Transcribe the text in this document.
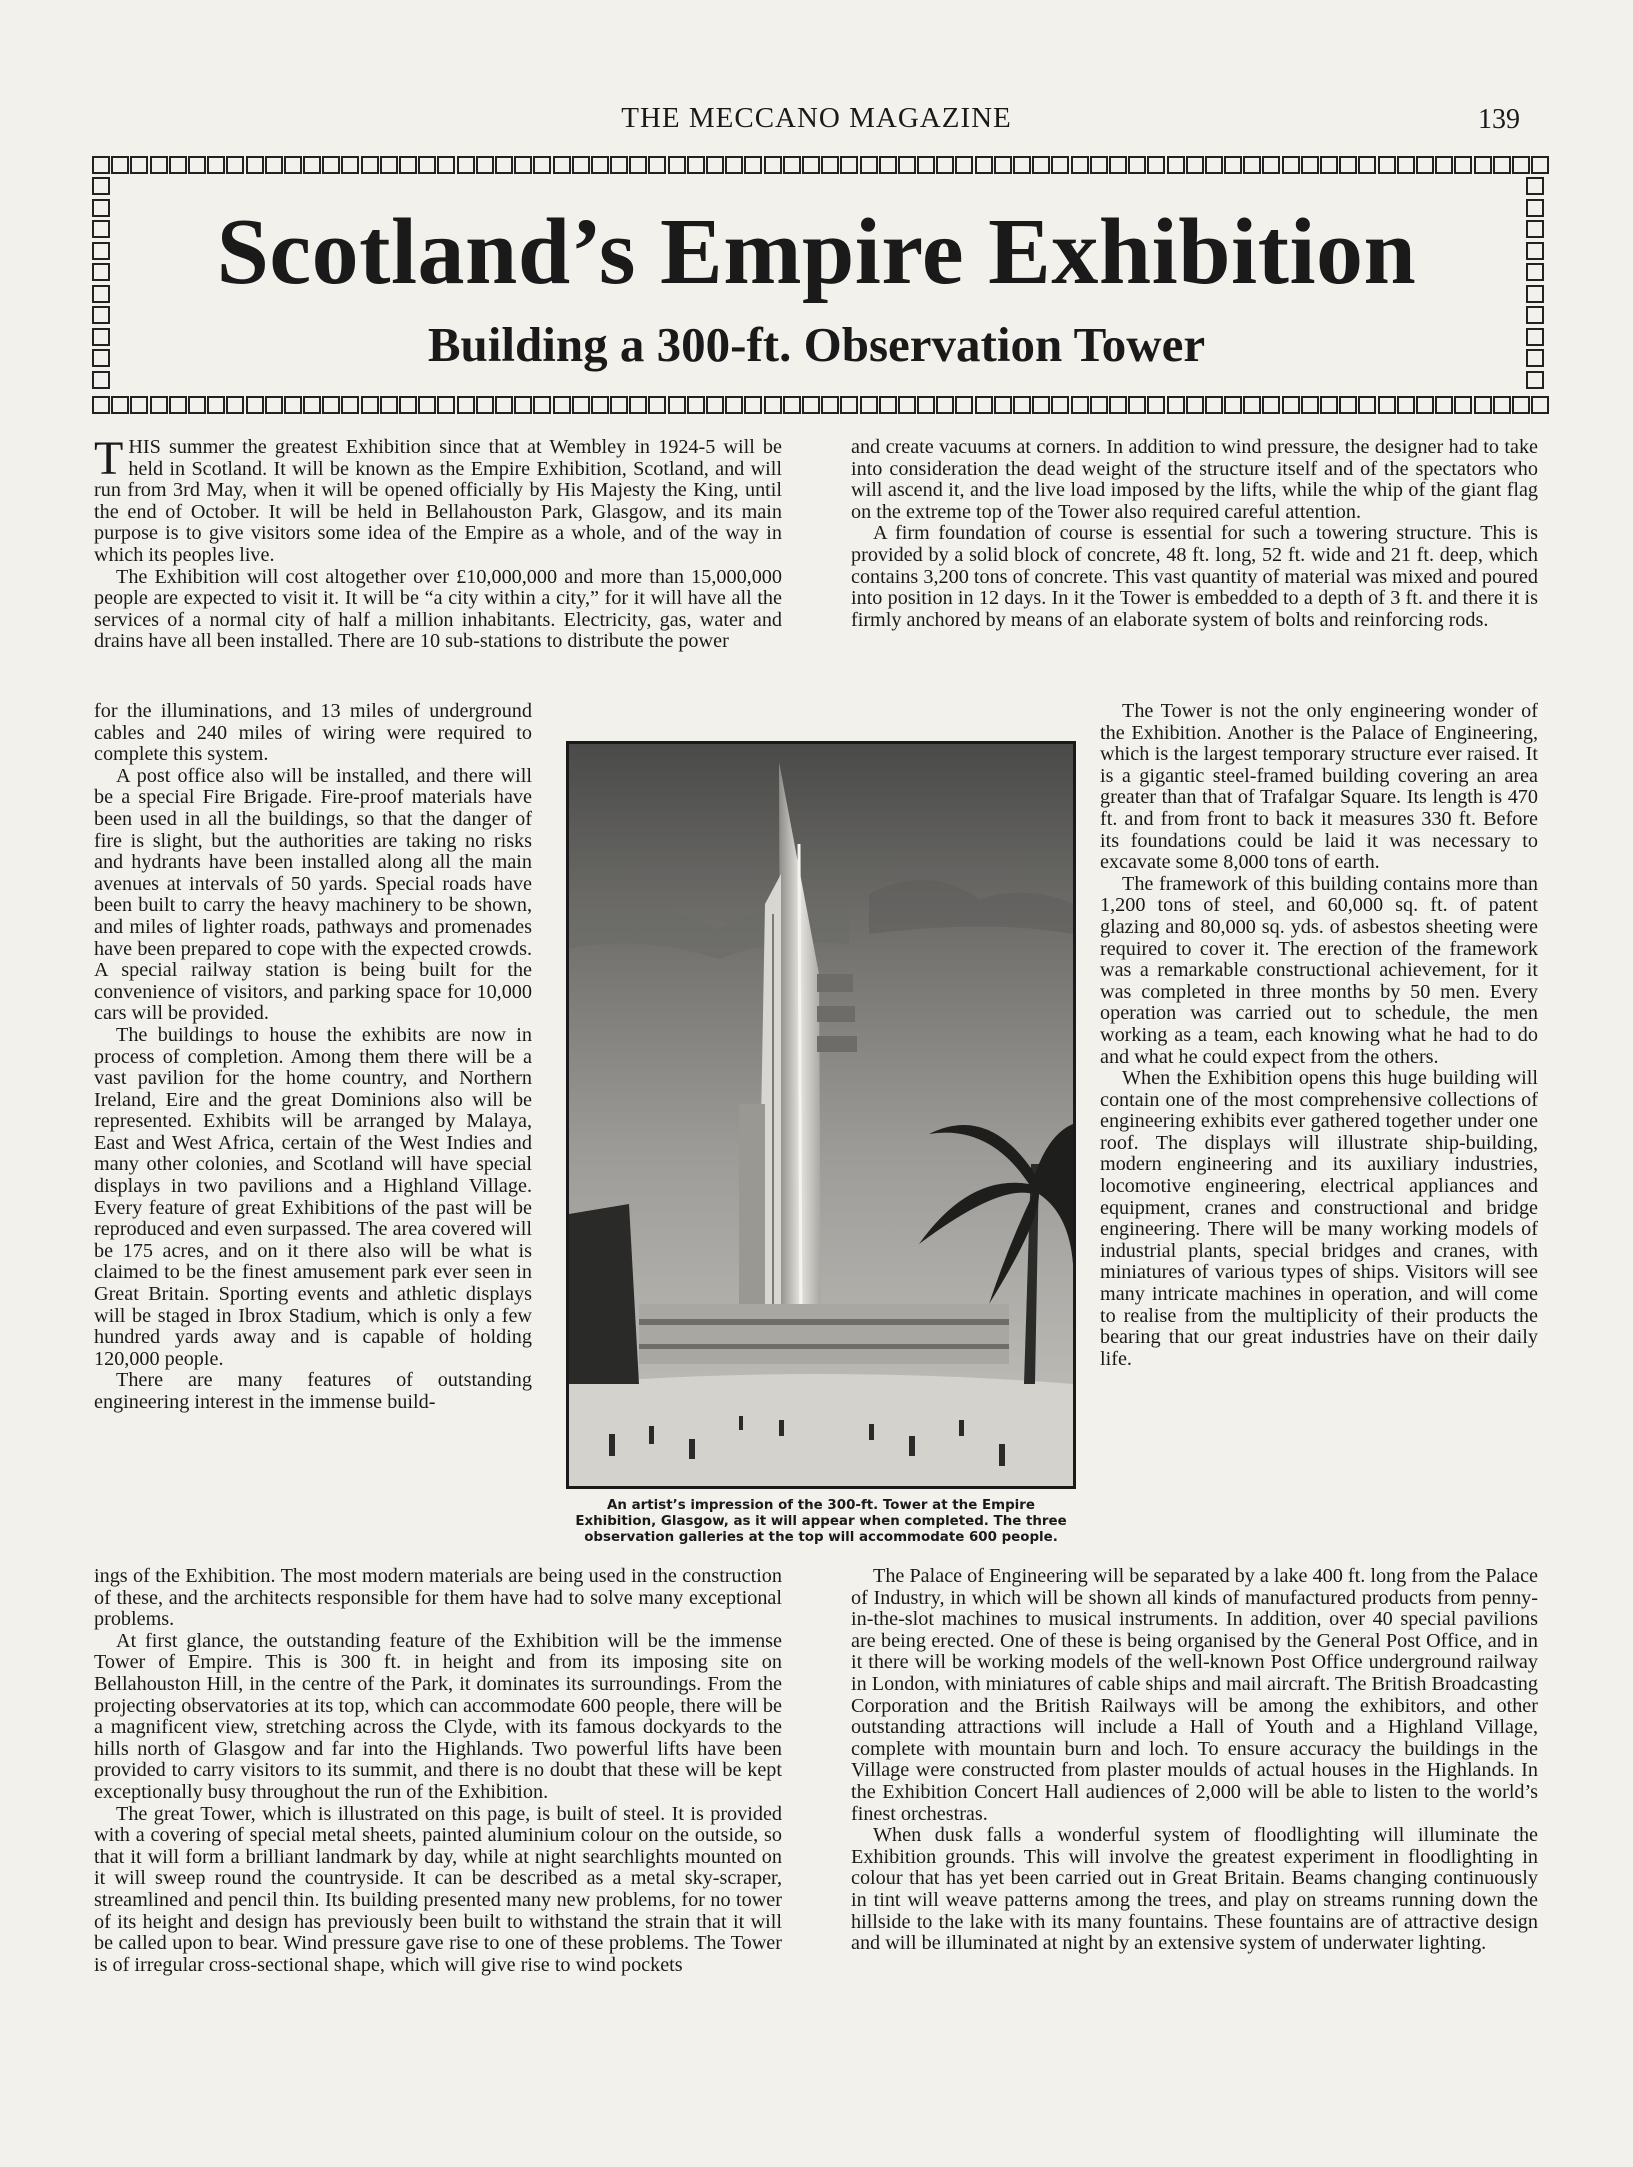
THE MECCANO MAGAZINE	139
Scotland’s Empire Exhibition
Building a 300-ft. Observation Tower

THIS summer the greatest Exhibition since that at Wembley in 1924-5 will be held in Scotland. It will be known as the Empire Exhibition, Scotland, and will run from 3rd May, when it will be opened officially by His Majesty the King, until the end of October. It will be held in Bellahouston Park, Glasgow, and its main purpose is to give visitors some idea of the Empire as a whole, and of the way in which its peoples live.

The Exhibition will cost altogether over £10,000,000 and more than 15,000,000 people are expected to visit it. It will be “a city within a city,” for it will have all the services of a normal city of half a million inhabitants. Electricity, gas, water and drains have all been installed. There are 10 sub-stations to distribute the power

for the illuminations, and 13 miles of underground cables and 240 miles of wiring were required to complete this system.

A post office also will be installed, and there will be a special Fire Brigade. Fire-proof materials have been used in all the buildings, so that the danger of fire is slight, but the authorities are taking no risks and hydrants have been installed along all the main avenues at intervals of 50 yards. Special roads have been built to carry the heavy machinery to be shown, and miles of lighter roads, pathways and promenades have been prepared to cope with the expected crowds. A special railway station is being built for the convenience of visitors, and parking space for 10,000 cars will be provided.

The buildings to house the exhibits are now in process of completion. Among them there will be a vast pavilion for the home country, and Northern Ireland, Eire and the great Dominions also will be represented. Exhibits will be arranged by Malaya, East and West Africa, certain of the West Indies and many other colonies, and Scotland will have special displays in two pavilions and a Highland Village. Every feature of great Exhibitions of the past will be reproduced and even surpassed. The area covered will be 175 acres, and on it there also will be what is claimed to be the finest amusement park ever seen in Great Britain. Sporting events and athletic displays will be staged in Ibrox Stadium, which is only a few hundred yards away and is capable of holding 120,000 people.

There are many features of outstanding engineering interest in the immense build-

ings of the Exhibition. The most modern materials are being used in the construction of these, and the architects responsible for them have had to solve many exceptional problems.

At first glance, the outstanding feature of the Exhibition will be the immense Tower of Empire. This is 300 ft. in height and from its imposing site on Bellahouston Hill, in the centre of the Park, it dominates its surroundings. From the projecting observatories at its top, which can accommodate 600 people, there will be a magnificent view, stretching across the Clyde, with its famous dockyards to the hills north of Glasgow and far into the Highlands. Two powerful lifts have been provided to carry visitors to its summit, and there is no doubt that these will be kept exceptionally busy throughout the run of the Exhibition.

The great Tower, which is illustrated on this page, is built of steel. It is provided with a covering of special metal sheets, painted aluminium colour on the outside, so that it will form a brilliant landmark by day, while at night searchlights mounted on it will sweep round the countryside. It can be described as a metal sky-scraper, streamlined and pencil thin. Its building presented many new problems, for no tower of its height and design has previously been built to withstand the strain that it will be called upon to bear. Wind pressure gave rise to one of these problems. The Tower is of irregular cross-sectional shape, which will give rise to wind pockets

and create vacuums at corners. In addition to wind pressure, the designer had to take into consideration the dead weight of the structure itself and of the spectators who will ascend it, and the live load imposed by the lifts, while the whip of the giant flag on the extreme top of the Tower also required careful attention.

A firm foundation of course is essential for such a towering structure. This is provided by a solid block of concrete, 48 ft. long, 52 ft. wide and 21 ft. deep, which contains 3,200 tons of concrete. This vast quantity of material was mixed and poured into position in 12 days. In it the Tower is embedded to a depth of 3 ft. and there it is firmly anchored by means of an elaborate system of bolts and reinforcing rods.

The Tower is not the only engineering wonder of the Exhibition. Another is the Palace of Engineering, which is the largest temporary structure ever raised. It is a gigantic steel-framed building covering an area greater than that of Trafalgar Square. Its length is 470 ft. and from front to back it measures 330 ft. Before its foundations could be laid it was necessary to excavate some 8,000 tons of earth.

The framework of this building contains more than 1,200 tons of steel, and 60,000 sq. ft. of patent glazing and 80,000 sq. yds. of asbestos sheeting were required to cover it. The erection of the framework was a remarkable constructional achievement, for it was completed in three months by 50 men. Every operation was carried out to schedule, the men working as a team, each knowing what he had to do and what he could expect from the others.

When the Exhibition opens this huge building will contain one of the most comprehensive collections of engineering exhibits ever gathered together under one roof. The displays will illustrate ship-building, modern engineering and its auxiliary industries, locomotive engineering, electrical appliances and equipment, cranes and constructional and bridge engineering. There will be many working models of industrial plants, special bridges and cranes, with miniatures of various types of ships. Visitors will see many intricate machines in operation, and will come to realise from the multiplicity of their products the bearing that our great industries have on their daily life.

The Palace of Engineering will be separated by a lake 400 ft. long from the Palace of Industry, in which will be shown all kinds of manufactured products from penny-in-the-slot machines to musical instruments. In addition, over 40 special pavilions are being erected. One of these is being organised by the General Post Office, and in it there will be working models of the well-known Post Office underground railway in London, with miniatures of cable ships and mail aircraft. The British Broadcasting Corporation and the British Railways will be among the exhibitors, and other outstanding attractions will include a Hall of Youth and a Highland Village, complete with mountain burn and loch. To ensure accuracy the buildings in the Village were constructed from plaster moulds of actual houses in the Highlands. In the Exhibition Concert Hall audiences of 2,000 will be able to listen to the world’s finest orchestras.

When dusk falls a wonderful system of floodlighting will illuminate the Exhibition grounds. This will involve the greatest experiment in floodlighting in colour that has yet been carried out in Great Britain. Beams changing continuously in tint will weave patterns among the trees, and play on streams running down the hillside to the lake with its many fountains. These fountains are of attractive design and will be illuminated at night by an extensive system of underwater lighting.

An artist’s impression of the 300-ft. Tower at the Empire Exhibition, Glasgow, as it will appear when completed. The three observation galleries at the top will accommodate 600 people.
